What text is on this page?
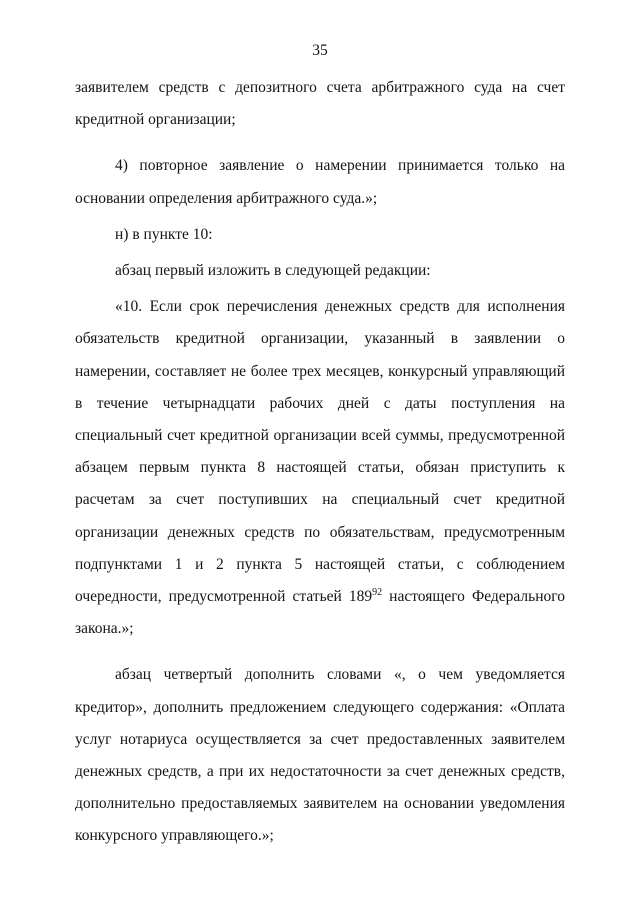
35

заявителем средств с депозитного счета арбитражного суда на счет кредитной организации;

4) повторное заявление о намерении принимается только на основании определения арбитражного суда.»;

н) в пункте 10:

абзац первый изложить в следующей редакции:

«10. Если срок перечисления денежных средств для исполнения обязательств кредитной организации, указанный в заявлении о намерении, составляет не более трех месяцев, конкурсный управляющий в течение четырнадцати рабочих дней с даты поступления на специальный счет кредитной организации всей суммы, предусмотренной абзацем первым пункта 8 настоящей статьи, обязан приступить к расчетам за счет поступивших на специальный счет кредитной организации денежных средств по обязательствам, предусмотренным подпунктами 1 и 2 пункта 5 настоящей статьи, с соблюдением очередности, предусмотренной статьей $189^{92}$ настоящего Федерального закона.»;

абзац четвертый дополнить словами «, о чем уведомляется кредитор», дополнить предложением следующего содержания: «Оплата услуг нотариуса осуществляется за счет предоставленных заявителем денежных средств, а при их недостаточности за счет денежных средств, дополнительно предоставляемых заявителем на основании уведомления конкурсного управляющего.»;
